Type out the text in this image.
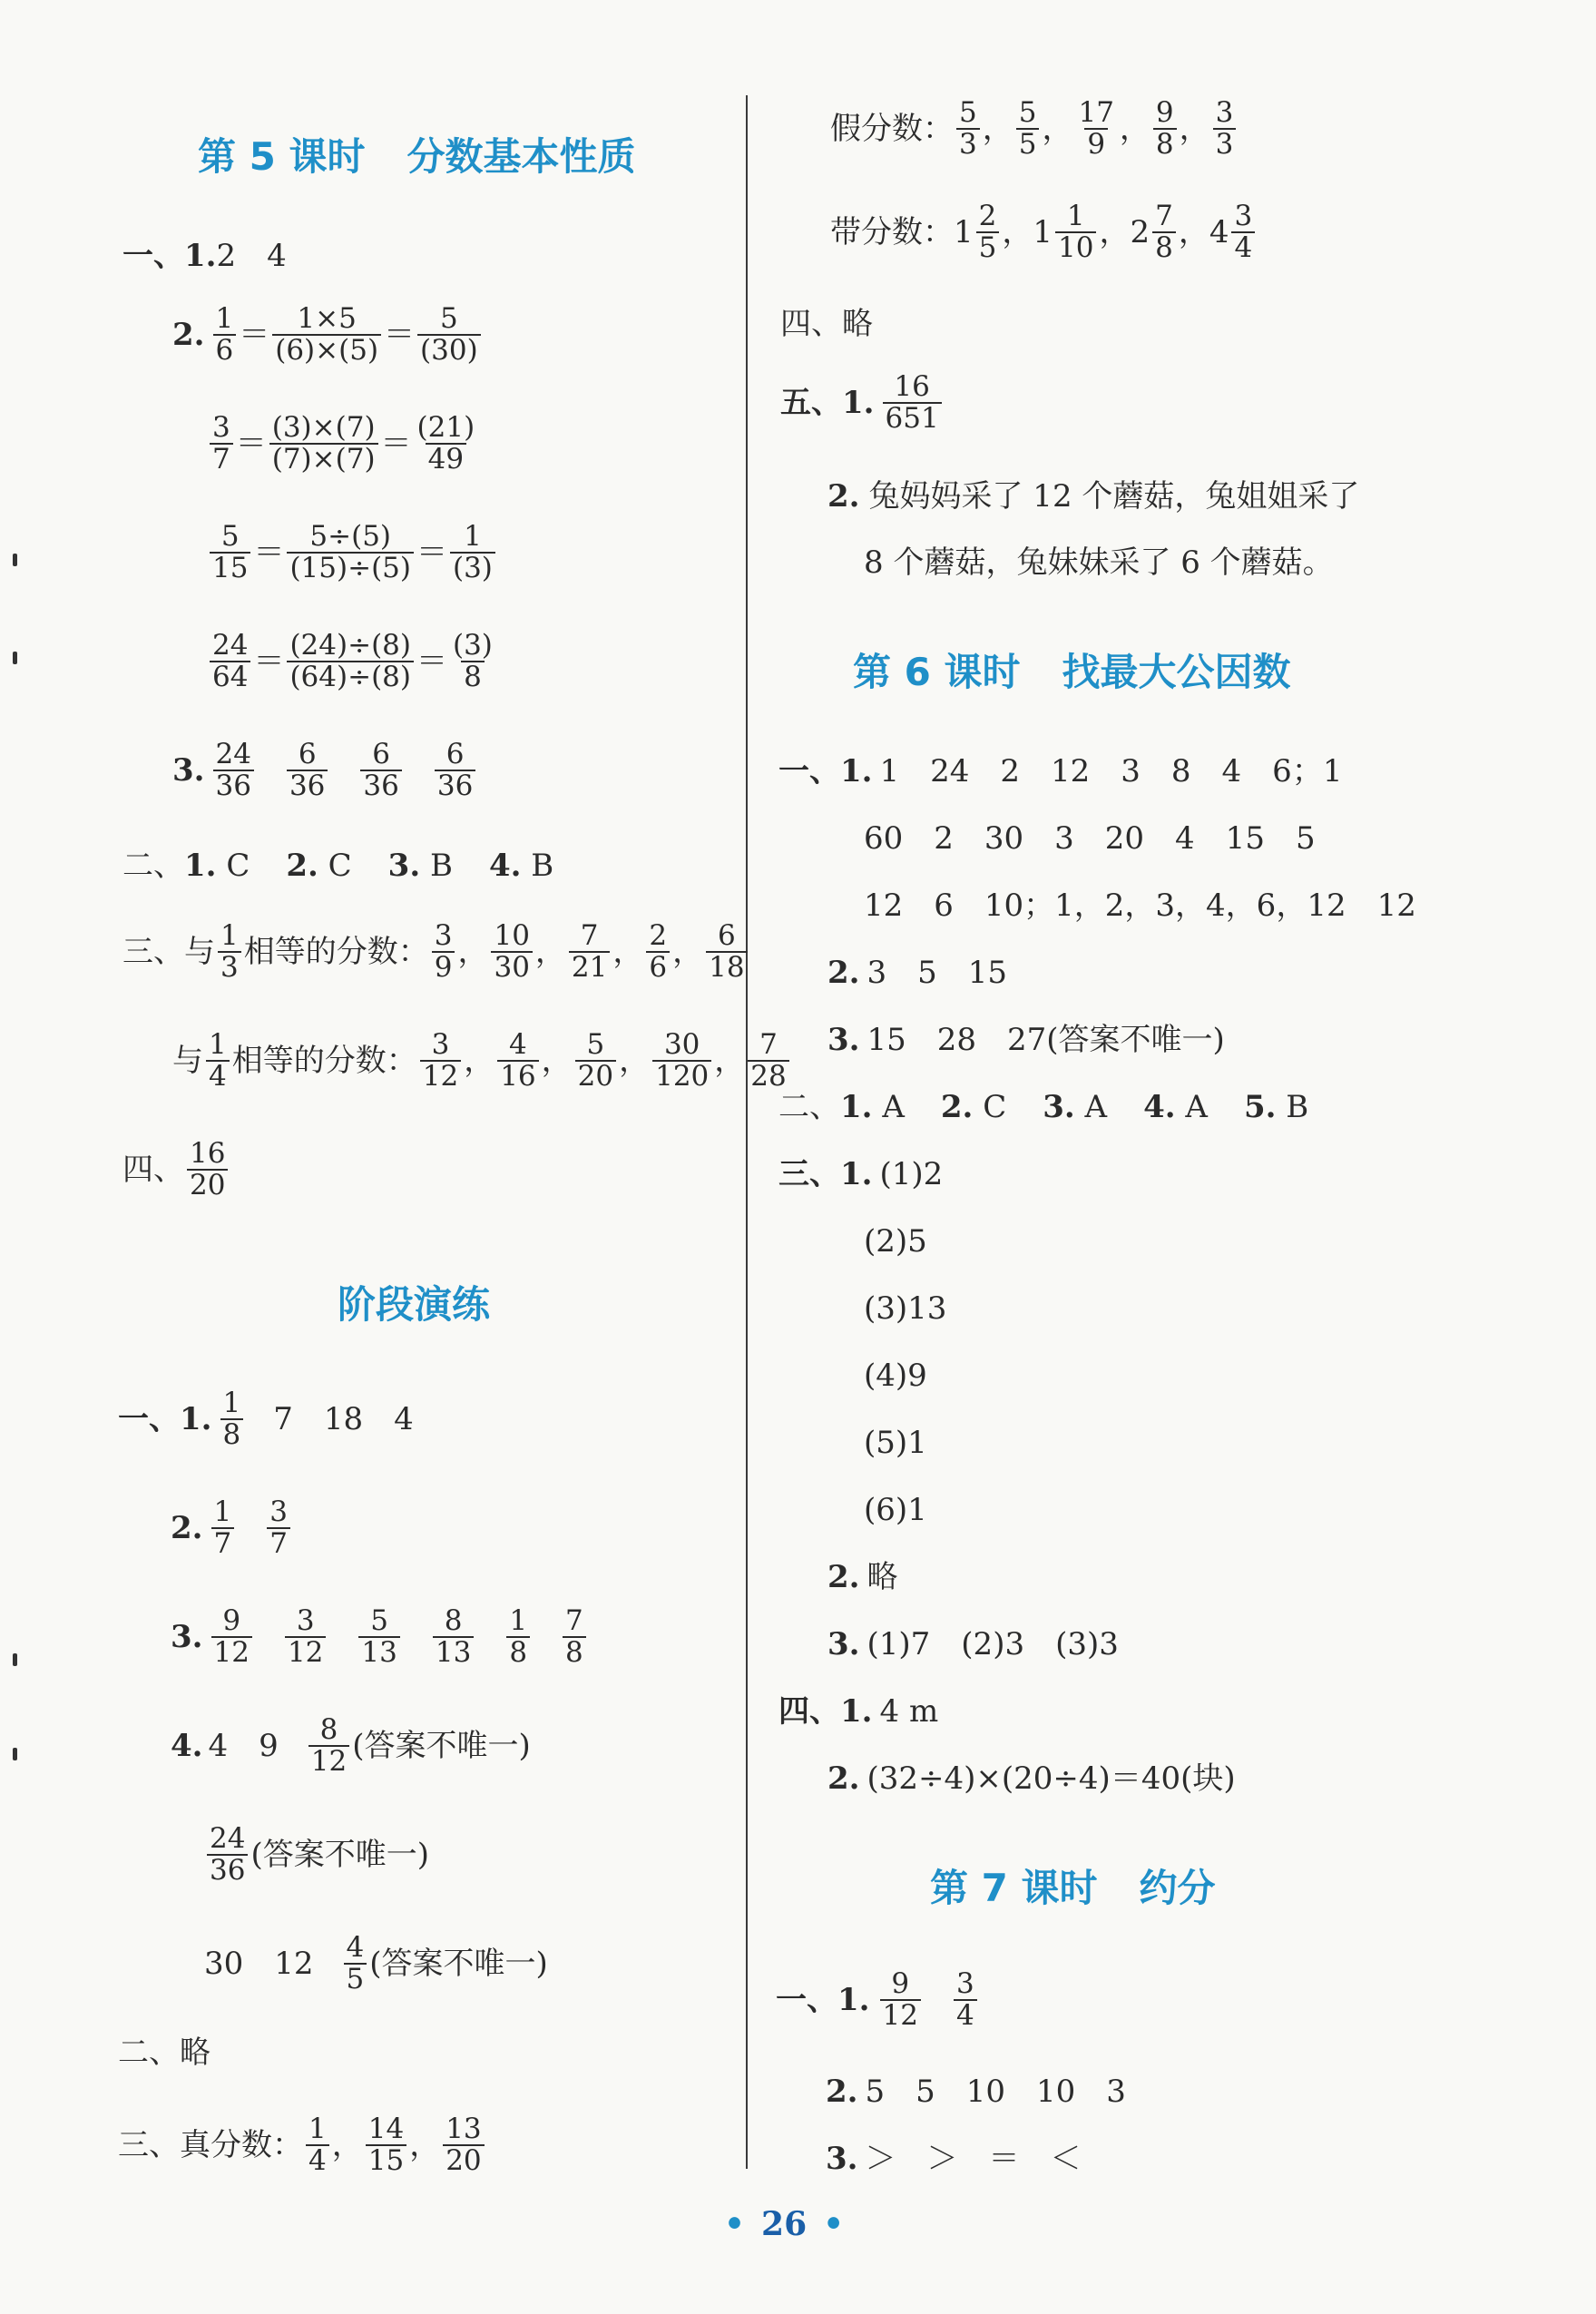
第 5 课时 分数基本性质
一、1. 2　4
2. $\frac{1}{6} = \frac{1\times 5}{(6)\times(5)} = \frac{5}{(30)}$
$\frac{3}{7} = \frac{(3)\times(7)}{(7)\times(7)} = \frac{(21)}{49}$
$\frac{5}{15} = \frac{5\div(5)}{(15)\div(5)} = \frac{1}{(3)}$
$\frac{24}{64} = \frac{(24)\div(8)}{(64)\div(8)} = \frac{(3)}{8}$
3. $\frac{24}{36} \frac{6}{36} \frac{6}{36} \frac{6}{36}$
二、 1.
C 2.
C 3.
B 4.
B
三、 与 $\frac{1}{3}$ 相等的分数： $\frac{3}{9}$ ， $\frac{10}{30}$ ， $\frac{7}{21}$ ， $\frac{2}{6}$ ， $\frac{6}{18}$
与 $\frac{1}{4}$ 相等的分数： $\frac{3}{12}$ ， $\frac{4}{16}$ ， $\frac{5}{20}$ ， $\frac{30}{120}$ ， $\frac{7}{28}$
四、 $\frac{16}{20}$
阶段演练
一、1. $\frac{1}{8} 7$　18　4
2. $\frac{1}{7} \frac{3}{7}$
3. $\frac{9}{12} \frac{3}{12} \frac{5}{13} \frac{8}{13} \frac{1}{8} \frac{7}{8}$
4. 4　$9 \frac{8}{12}$ (答案不唯一)
$\frac{24}{36}$ (答案不唯一)
30　$12 \frac{4}{5}$ (答案不唯一)
二、略
三、真分数： $\frac{1}{4}$ ， $\frac{14}{15}$ ， $\frac{13}{20}$
假分数： $\frac{5}{3}$ ， $\frac{5}{5}$ ， $\frac{17}{9}$ ， $\frac{9}{8}$ ， $\frac{3}{3}$
带分数： $1 \frac{2}{5}$ ， $1 \frac{1}{10}$ ， $2 \frac{7}{8}$ ， $4 \frac{3}{4}$
四、略
五、1. $\frac{16}{651}$
2. 兔妈妈采了 12 个蘑菇，兔姐姐采了
8 个蘑菇，兔妹妹采了 6 个蘑菇。
第 6 课时 找最大公因数
一、1. 1　24　2　12　3　8　4　6；1
60　2　30　3　20　4　15　5
12　6　10；1，2，3，4，6，12　12
2. 3　5　15
3. 15　28　27(答案不唯一)
二、 1.
A 2.
C 3.
A 4.
A 5.
B
三、1. (1)2
(2)5
(3)13
(4)9
(5)1
(6)1
2. 略
3. (1)7　(2)3　(3)3
四、1. 4 m
2. (32÷4)×(20÷4)＝40(块)
第 7 课时 约分
一、1. $\frac{9}{12} \frac{3}{4}$
2. 5　5　10　10　3
3. ＞　＞　＝　＜
• 26 •
